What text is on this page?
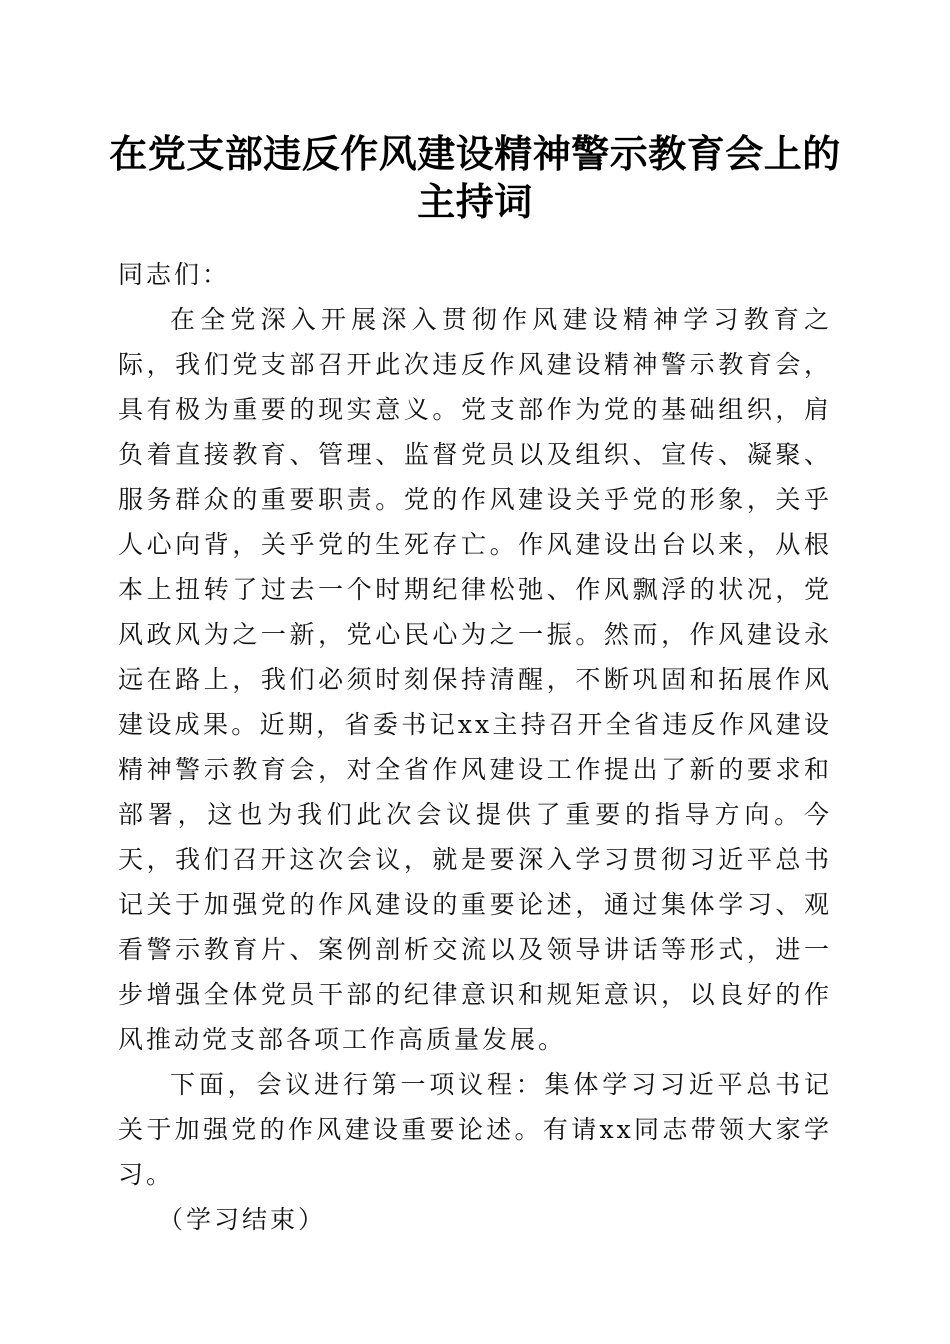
在党支部违反作风建设精神警示教育会上的主持词

同志们：

在全党深入开展深入贯彻作风建设精神学习教育之际，我们党支部召开此次违反作风建设精神警示教育会，具有极为重要的现实意义。党支部作为党的基础组织，肩负着直接教育、管理、监督党员以及组织、宣传、凝聚、服务群众的重要职责。党的作风建设关乎党的形象，关乎人心向背，关乎党的生死存亡。作风建设出台以来，从根本上扭转了过去一个时期纪律松弛、作风飘浮的状况，党风政风为之一新，党心民心为之一振。然而，作风建设永远在路上，我们必须时刻保持清醒，不断巩固和拓展作风建设成果。近期，省委书记xx主持召开全省违反作风建设精神警示教育会，对全省作风建设工作提出了新的要求和部署，这也为我们此次会议提供了重要的指导方向。今天，我们召开这次会议，就是要深入学习贯彻习近平总书记关于加强党的作风建设的重要论述，通过集体学习、观看警示教育片、案例剖析交流以及领导讲话等形式，进一步增强全体党员干部的纪律意识和规矩意识，以良好的作风推动党支部各项工作高质量发展。

下面，会议进行第一项议程：集体学习习近平总书记关于加强党的作风建设重要论述。有请xx同志带领大家学习。

（学习结束）
